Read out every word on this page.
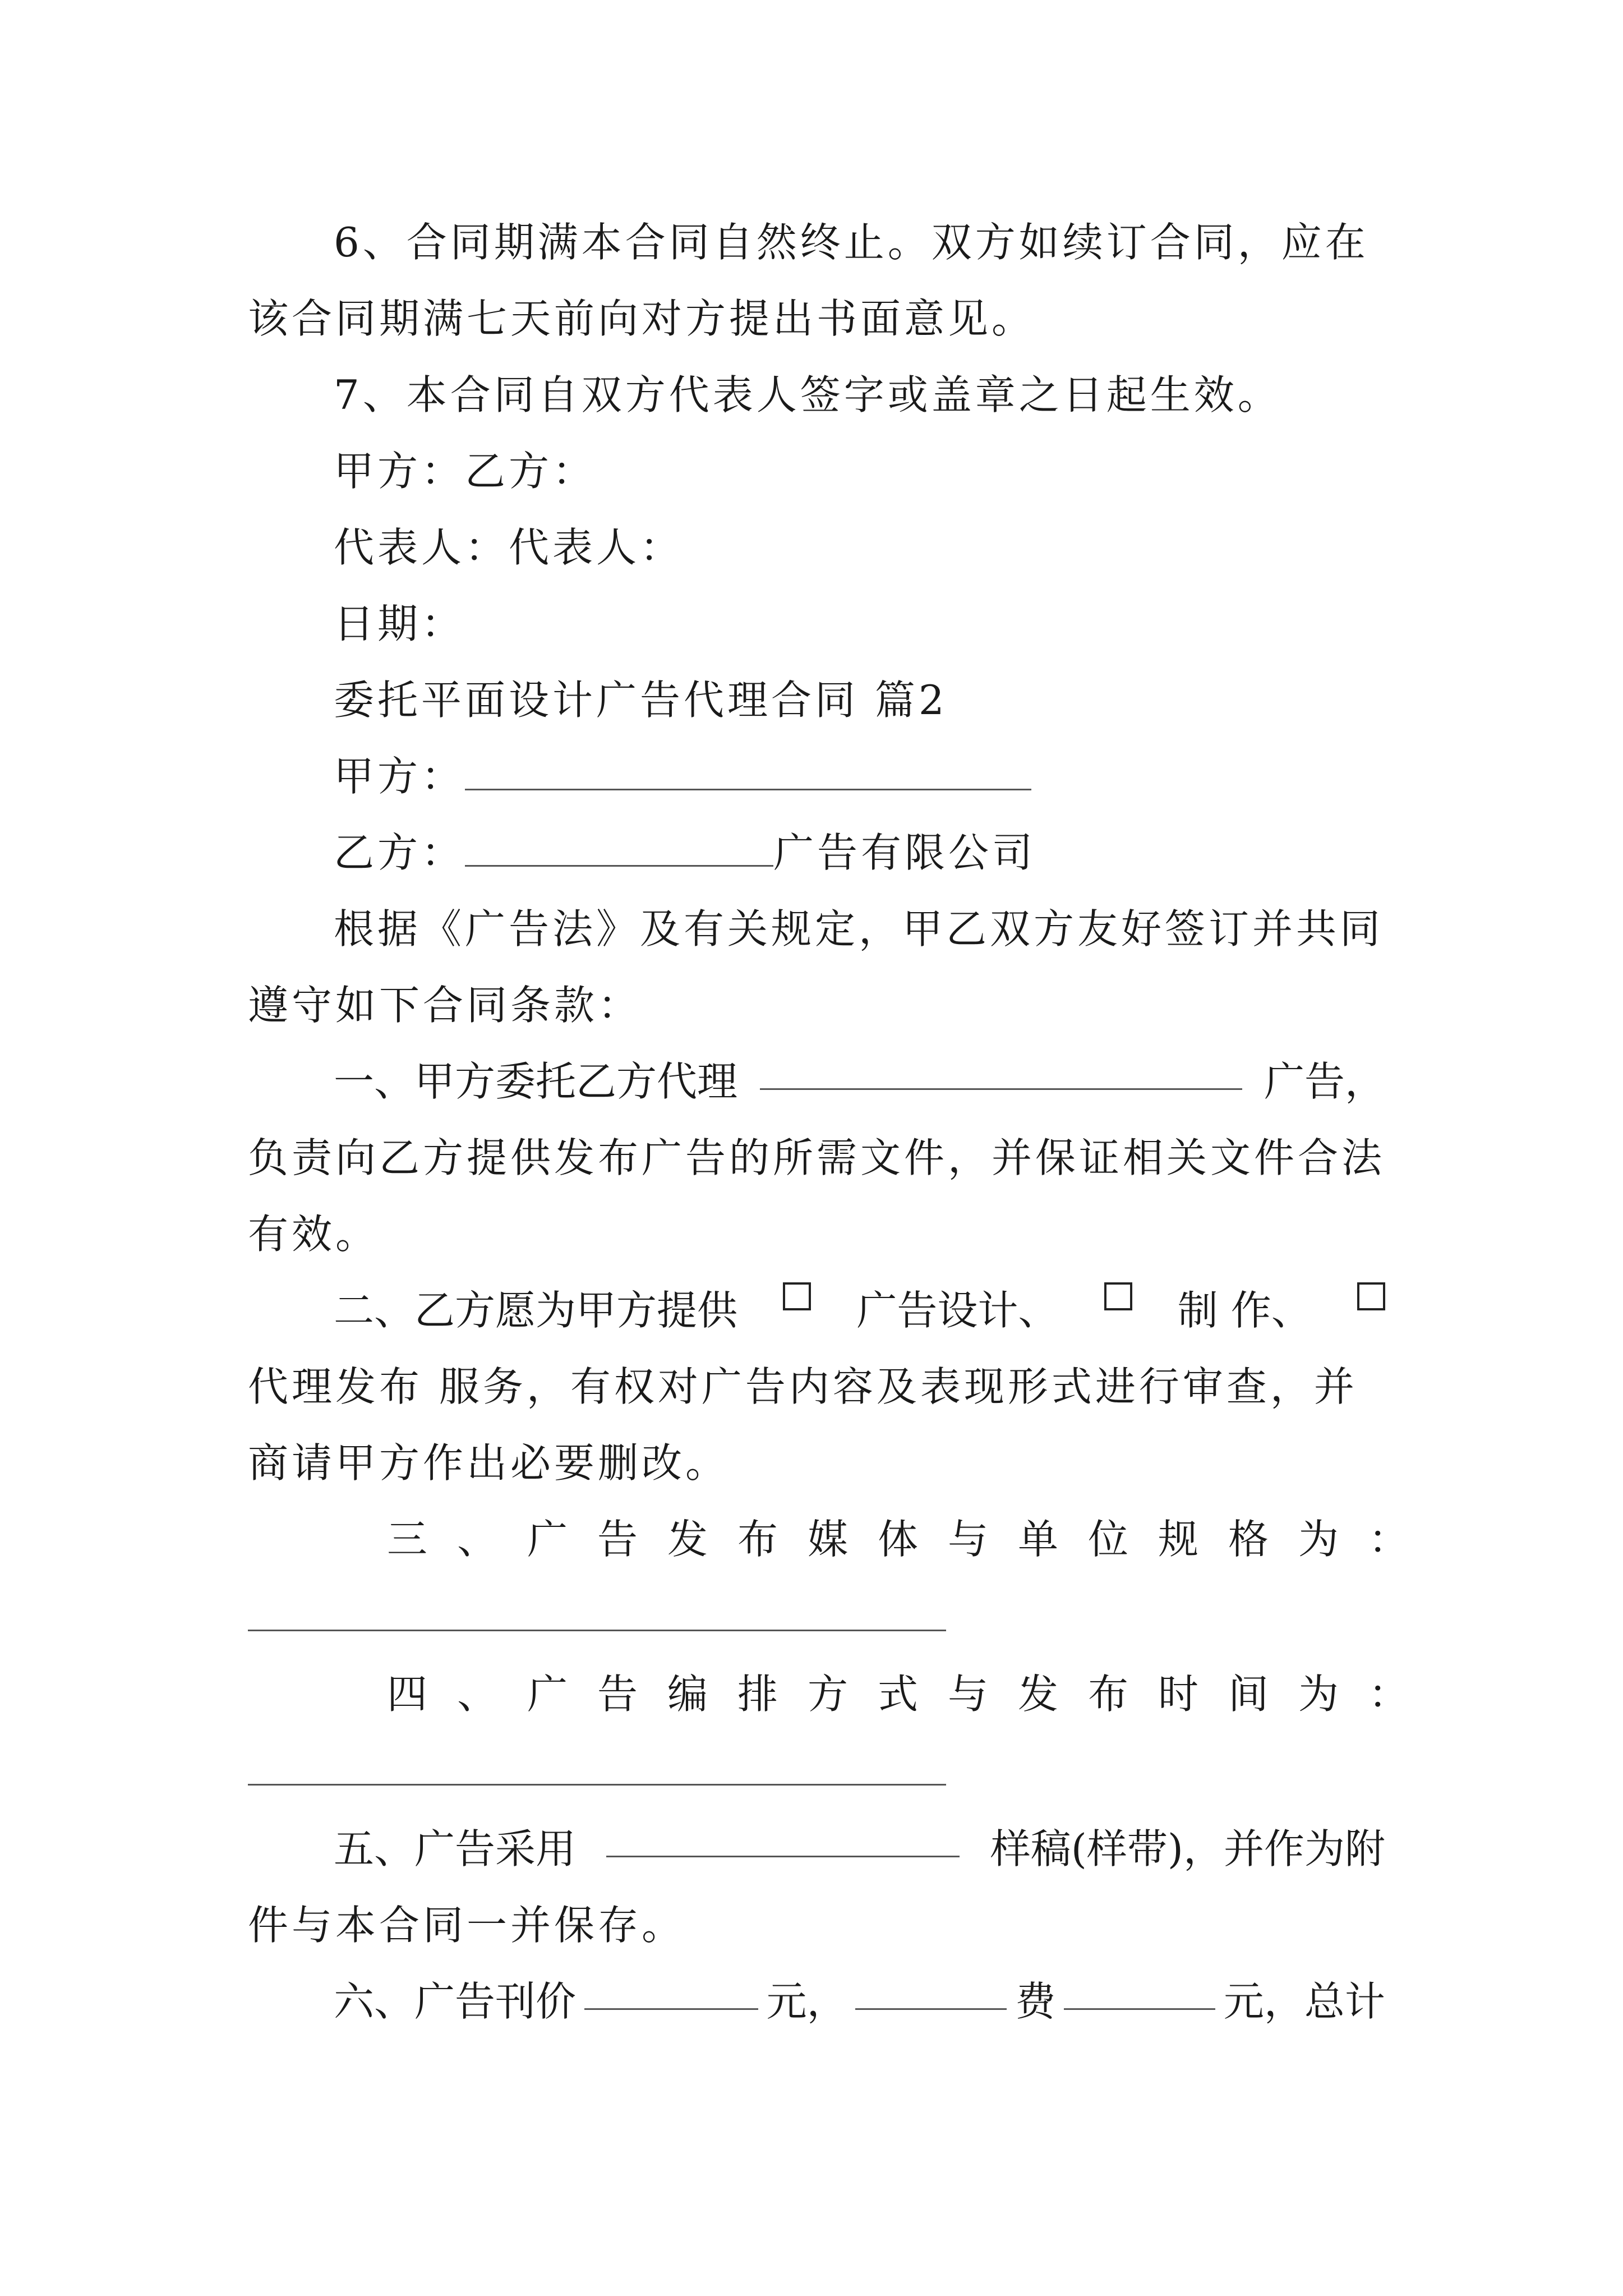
6、合同期满本合同自然终止。双方如续订合同，应在
该合同期满七天前向对方提出书面意见。
7、本合同自双方代表人签字或盖章之日起生效。
甲方：乙方：
代表人：代表人：
日期：
委托平面设计广告代理合同 篇2
甲方：
乙方：	广告有限公司
根据《广告法》及有关规定，甲乙双方友好签订并共同
遵守如下合同条款：
一、甲方委托乙方代理	广告，
负责向乙方提供发布广告的所需文件，并保证相关文件合法
有效。
二、乙方愿为甲方提供	广告设计、	制 作、
代理发布 服务，有权对广告内容及表现形式进行审查，并
商请甲方作出必要删改。
三、广告发布媒体与单位规格为：
四、广告编排方式与发布时间为：
五、广告采用	样稿(样带)，并作为附
件与本合同一并保存。
六、广告刊价	元，	费	元，总计
